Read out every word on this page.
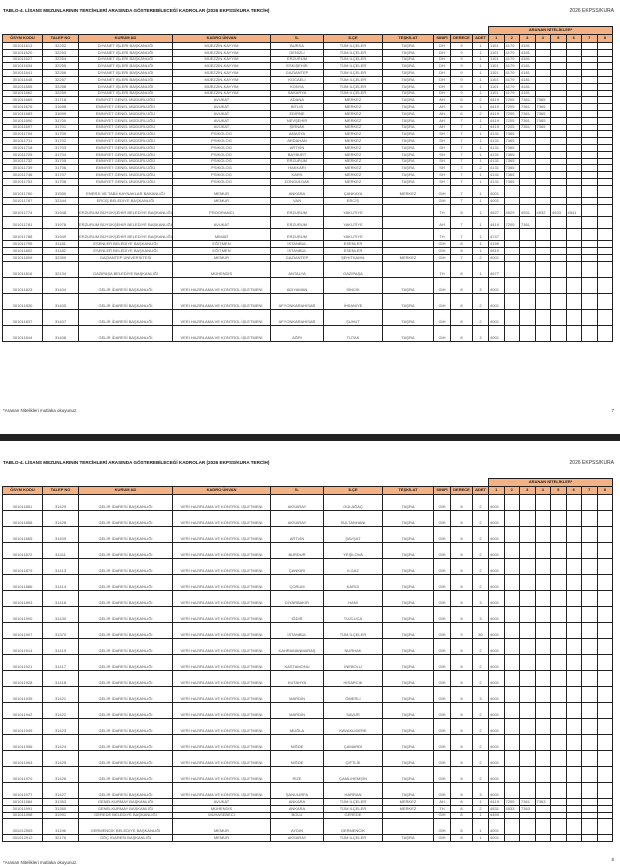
TABLO-4. LİSANS MEZUNLARININ TERCİHLERİ ARASINDA GÖSTEREBİLECEĞİ KADROLAR (2026 EKPSS/KURA TERCİH)	2026 EKPSS/KURA
										ARANAN NİTELİKLER*							
ÖSYM KODU	TALEP NO	KURUM AD	KADRO ÜNVAN	İL	İLÇE	TEŞKİLAT	SINIFI	DERECE	ADET	1	2	3	4	5	6	7	8
301011613	32252	DİYANET İŞLERİ BAŞKANLIĞI	MÜEZZİN-KAYYIM	BURSA	TÜM İLÇELER	TAŞRA	DH	9	1	1101	4179	4181					
301011620	32253	DİYANET İŞLERİ BAŞKANLIĞI	MÜEZZİN-KAYYIM	DENİZLİ	TÜM İLÇELER	TAŞRA	DH	9	1	1101	4179	4181					
301011627	32254	DİYANET İŞLERİ BAŞKANLIĞI	MÜEZZİN-KAYYIM	ERZURUM	TÜM İLÇELER	TAŞRA	DH	9	1	1101	4179	4181					
301011634	32255	DİYANET İŞLERİ BAŞKANLIĞI	MÜEZZİN-KAYYIM	ESKİŞEHİR	TÜM İLÇELER	TAŞRA	DH	9	1	1101	4179	4181					
301011641	32256	DİYANET İŞLERİ BAŞKANLIĞI	MÜEZZİN-KAYYIM	GAZİANTEP	TÜM İLÇELER	TAŞRA	DH	9	1	1101	4179	4181					
301011648	32257	DİYANET İŞLERİ BAŞKANLIĞI	MÜEZZİN-KAYYIM	KOCAELİ	TÜM İLÇELER	TAŞRA	DH	9	1	1101	4179	4181					
301011655	32258	DİYANET İŞLERİ BAŞKANLIĞI	MÜEZZİN-KAYYIM	KONYA	TÜM İLÇELER	TAŞRA	DH	9	1	1101	4179	4181					
301011662	32259	DİYANET İŞLERİ BAŞKANLIĞI	MÜEZZİN-KAYYIM	SAKARYA	TÜM İLÇELER	TAŞRA	DH	9	1	1101	4179	4181					
301011669	31718	EMNİYET GENEL MÜDÜRLÜĞÜ	AVUKAT	ADANA	MERKEZ	TAŞRA	AH	6	2	4419	7205	7361	7365				
301011676	31698	EMNİYET GENEL MÜDÜRLÜĞÜ	AVUKAT	BİTLİS	MERKEZ	TAŞRA	AH	6	1	4419	7205	7361	7365				
301011683	31699	EMNİYET GENEL MÜDÜRLÜĞÜ	AVUKAT	EDİRNE	MERKEZ	TAŞRA	AH	6	2	4419	7205	7361	7365				
301011690	31700	EMNİYET GENEL MÜDÜRLÜĞÜ	AVUKAT	NEVŞEHİR	MERKEZ	TAŞRA	AH	7	1	4419	7205	7361	7365				
301011697	31701	EMNİYET GENEL MÜDÜRLÜĞÜ	AVUKAT	ŞIRNAK	MERKEZ	TAŞRA	AH	7	1	4419	7205	7361	7365				
301011704	31709	EMNİYET GENEL MÜDÜRLÜĞÜ	PSİKOLOG	AMASYA	MERKEZ	TAŞRA	SH	7	1	4131	7365						
301011711	31702	EMNİYET GENEL MÜDÜRLÜĞÜ	PSİKOLOG	ARDAHAN	MERKEZ	TAŞRA	SH	7	1	4131	7365						
301011718	31703	EMNİYET GENEL MÜDÜRLÜĞÜ	PSİKOLOG	ARTVİN	MERKEZ	TAŞRA	SH	7	1	4131	7365						
301011725	31704	EMNİYET GENEL MÜDÜRLÜĞÜ	PSİKOLOG	BAYBURT	MERKEZ	TAŞRA	SH	7	1	4131	7365						
301011732	31705	EMNİYET GENEL MÜDÜRLÜĞÜ	PSİKOLOG	ERZURUM	MERKEZ	TAŞRA	SH	7	1	4131	7365						
301011739	31706	EMNİYET GENEL MÜDÜRLÜĞÜ	PSİKOLOG	HAKKARİ	MERKEZ	TAŞRA	SH	7	2	4131	7365						
301011746	31707	EMNİYET GENEL MÜDÜRLÜĞÜ	PSİKOLOG	KARS	MERKEZ	TAŞRA	SH	7	1	4131	7365						
301011753	31708	EMNİYET GENEL MÜDÜRLÜĞÜ	PSİKOLOG	ZONGULDAK	MERKEZ	TAŞRA	SH	7	1	4131	7365						
301011760	31550	ENERJİ VE TABİİ KAYNAKLAR BAKANLIĞI	MEMUR	ANKARA	ÇANKAYA	MERKEZ	GİH	7	1	4001							
301011767	32344	ERCİŞ BELEDİYE BAŞKANLIĞI	MEMUR	VAN	ERCİŞ		GİH	7	1	4001							
301011774	31948	ERZURUM BÜYÜKŞEHİR BELEDİYE BAŞKANLIĞI	PROGRAMCI	ERZURUM	YAKUTİYE		TH	8	1	4527	4529	4531	4532	4533	4541		
301011781	31978	ERZURUM BÜYÜKŞEHİR BELEDİYE BAŞKANLIĞI	AVUKAT	ERZURUM	YAKUTİYE		AH	7	1	4419	7205	7361					
301011788	31949	ERZURUM BÜYÜKŞEHİR BELEDİYE BAŞKANLIĞI	MİMAR	ERZURUM	YAKUTİYE		TH	7	1	4747							
301011795	31181	ESENLER BELEDİYE BAŞKANLIĞI	EĞİTMEN	İSTANBUL	ESENLER		GİH	8	1	4159							
301011802	31182	ESENLER BELEDİYE BAŞKANLIĞI	EĞİTMEN	İSTANBUL	ESENLER		GİH	8	1	4519							
301011809	32350	GAZİANTEP ÜNİVERSİTESİ	MEMUR	GAZİANTEP	ŞEHİTKAMİL	MERKEZ	GİH	7	2	4001							
301011816	32134	GAZİPAŞA BELEDİYE BAŞKANLIĞI	MÜHENDİS	ANTALYA	GAZİPAŞA		TH	8	1	4677							
301011823	31404	GELİR İDARESİ BAŞKANLIĞI	VERİ HAZIRLAMA VE KONTROL İŞLETMENİ	ADIYAMAN	SİNCİK	TAŞRA	GİH	8	3	4001							
301011830	31405	GELİR İDARESİ BAŞKANLIĞI	VERİ HAZIRLAMA VE KONTROL İŞLETMENİ	AFYONKARAHİSAR	İHSANİYE	TAŞRA	GİH	8	2	4001							
301011837	31407	GELİR İDARESİ BAŞKANLIĞI	VERİ HAZIRLAMA VE KONTROL İŞLETMENİ	AFYONKARAHİSAR	ŞUHUT	TAŞRA	GİH	8	2	4001							
301011844	31408	GELİR İDARESİ BAŞKANLIĞI	VERİ HAZIRLAMA VE KONTROL İŞLETMENİ	AĞRI	TUTAK	TAŞRA	GİH	8	3	4001							
*Aranan Nitelikleri mutlaka okuyunuz.	7
TABLO-4. LİSANS MEZUNLARININ TERCİHLERİ ARASINDA GÖSTEREBİLECEĞİ KADROLAR (2026 EKPSS/KURA TERCİH)	2026 EKPSS/KURA
										ARANAN NİTELİKLER*							
ÖSYM KODU	TALEP NO	KURUM AD	KADRO ÜNVAN	İL	İLÇE	TEŞKİLAT	SINIFI	DERECE	ADET	1	2	3	4	5	6	7	8
301011851	31429	GELİR İDARESİ BAŞKANLIĞI	VERİ HAZIRLAMA VE KONTROL İŞLETMENİ	AKSARAY	GÜLAĞAÇ	TAŞRA	GİH	8	2	4001							
301011858	31428	GELİR İDARESİ BAŞKANLIĞI	VERİ HAZIRLAMA VE KONTROL İŞLETMENİ	AKSARAY	SULTANHANI	TAŞRA	GİH	8	2	4001							
301011865	31409	GELİR İDARESİ BAŞKANLIĞI	VERİ HAZIRLAMA VE KONTROL İŞLETMENİ	ARTVİN	ŞAVŞAT	TAŞRA	GİH	8	2	4001							
301011872	31411	GELİR İDARESİ BAŞKANLIĞI	VERİ HAZIRLAMA VE KONTROL İŞLETMENİ	BURDUR	YEŞİLOVA	TAŞRA	GİH	8	2	4001							
301011879	31413	GELİR İDARESİ BAŞKANLIĞI	VERİ HAZIRLAMA VE KONTROL İŞLETMENİ	ÇANKIRI	ILGAZ	TAŞRA	GİH	8	2	4001							
301011886	31414	GELİR İDARESİ BAŞKANLIĞI	VERİ HAZIRLAMA VE KONTROL İŞLETMENİ	ÇORUM	KARGI	TAŞRA	GİH	8	2	4001							
301011893	31416	GELİR İDARESİ BAŞKANLIĞI	VERİ HAZIRLAMA VE KONTROL İŞLETMENİ	DİYARBAKIR	HANİ	TAŞRA	GİH	8	3	4001							
301011900	31430	GELİR İDARESİ BAŞKANLIĞI	VERİ HAZIRLAMA VE KONTROL İŞLETMENİ	IĞDIR	TUZLUCA	TAŞRA	GİH	8	3	4001							
301011907	31370	GELİR İDARESİ BAŞKANLIĞI	VERİ HAZIRLAMA VE KONTROL İŞLETMENİ	İSTANBUL	TÜM İLÇELER	TAŞRA	GİH	9	50	4001							
301011914	31419	GELİR İDARESİ BAŞKANLIĞI	VERİ HAZIRLAMA VE KONTROL İŞLETMENİ	KAHRAMANMARAŞ	NURHAK	TAŞRA	GİH	8	2	4001							
301011921	31417	GELİR İDARESİ BAŞKANLIĞI	VERİ HAZIRLAMA VE KONTROL İŞLETMENİ	KASTAMONU	İNEBOLU	TAŞRA	GİH	8	2	4001							
301011928	31418	GELİR İDARESİ BAŞKANLIĞI	VERİ HAZIRLAMA VE KONTROL İŞLETMENİ	KÜTAHYA	HİSARCIK	TAŞRA	GİH	8	2	4001							
301011935	31421	GELİR İDARESİ BAŞKANLIĞI	VERİ HAZIRLAMA VE KONTROL İŞLETMENİ	MARDİN	ÖMERLİ	TAŞRA	GİH	8	3	4001							
301011942	31422	GELİR İDARESİ BAŞKANLIĞI	VERİ HAZIRLAMA VE KONTROL İŞLETMENİ	MARDİN	SAVUR	TAŞRA	GİH	8	2	4001							
301011949	31423	GELİR İDARESİ BAŞKANLIĞI	VERİ HAZIRLAMA VE KONTROL İŞLETMENİ	MUĞLA	KAVAKLIDERE	TAŞRA	GİH	8	2	4001							
301011956	31424	GELİR İDARESİ BAŞKANLIĞI	VERİ HAZIRLAMA VE KONTROL İŞLETMENİ	NİĞDE	ÇAMARDI	TAŞRA	GİH	8	2	4001							
301011963	31425	GELİR İDARESİ BAŞKANLIĞI	VERİ HAZIRLAMA VE KONTROL İŞLETMENİ	NİĞDE	ÇİFTLİK	TAŞRA	GİH	8	2	4001							
301011970	31426	GELİR İDARESİ BAŞKANLIĞI	VERİ HAZIRLAMA VE KONTROL İŞLETMENİ	RİZE	ÇAMLIHEMŞİN	TAŞRA	GİH	8	2	4001							
301011977	31427	GELİR İDARESİ BAŞKANLIĞI	VERİ HAZIRLAMA VE KONTROL İŞLETMENİ	ŞANLIURFA	HARRAN	TAŞRA	GİH	8	3	4001							
301011984	31353	GENELKURMAY BAŞKANLIĞI	AVUKAT	ANKARA	TÜM İLÇELER	MERKEZ	AH	8	1	4419	7205	7361	7363				
301011991	31350	GENELKURMAY BAŞKANLIĞI	MÜHENDİS	ANKARA	TÜM İLÇELER	MERKEZ	TH	8	2	4531	4533	7363					
301011998	31991	GEREDE BELEDİYE BAŞKANLIĞI	MUHASEBECİ	BOLU	GEREDE		GİH	8	1	4459							
301012005	31196	GERMENCİK BELEDİYE BAŞKANLIĞI	MEMUR	AYDIN	GERMENCİK		GİH	8	1	4001							
301012012	32176	GÖÇ İDARESİ BAŞKANLIĞI	MEMUR	AKSARAY	TÜM İLÇELER	TAŞRA	GİH	8	1	4001							
*Aranan Nitelikleri mutlaka okuyunuz.
8
